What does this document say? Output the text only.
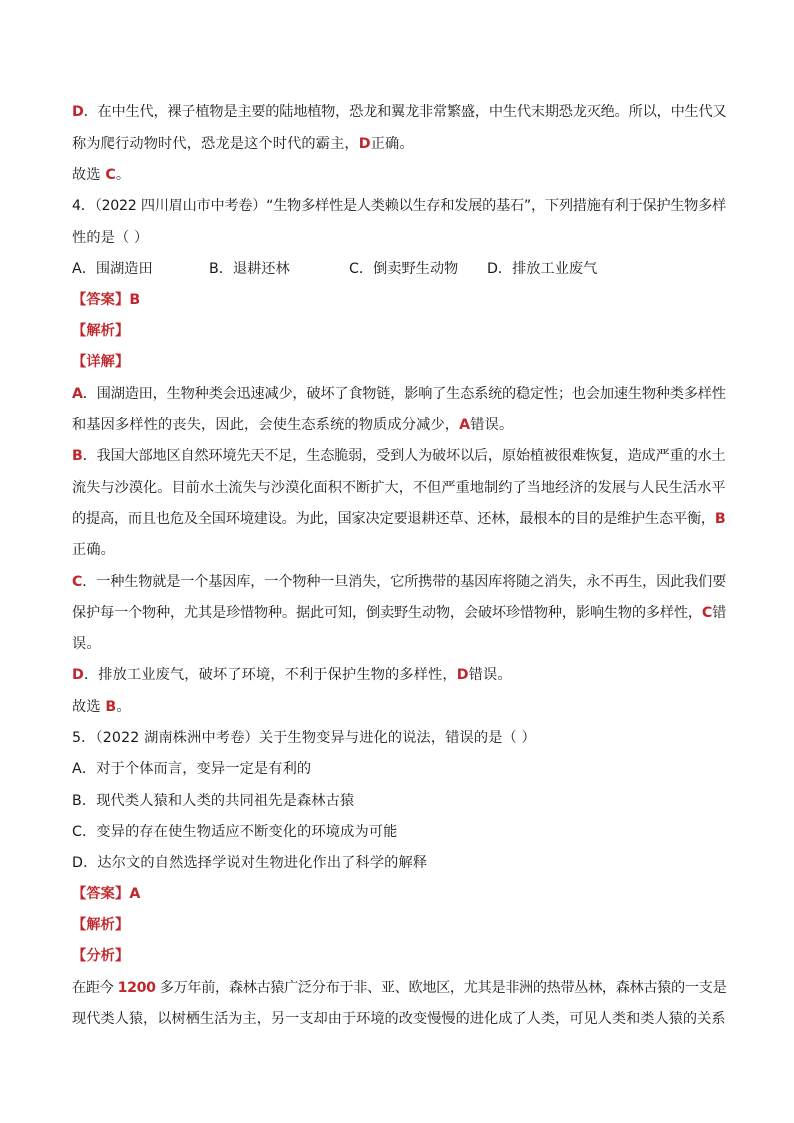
D．在中生代，裸子植物是主要的陆地植物，恐龙和翼龙非常繁盛，中生代末期恐龙灭绝。所以，中生代又
称为爬行动物时代，恐龙是这个时代的霸主，D正确。
故选 C。
4．（2022 四川眉山市中考卷）“生物多样性是人类赖以生存和发展的基石”，下列措施有利于保护生物多样
性的是（ ）
A．围湖造田	B．退耕还林	C．倒卖野生动物 D．排放工业废气
【答案】B
【解析】
【详解】
A．围湖造田，生物种类会迅速减少，破坏了食物链，影响了生态系统的稳定性；也会加速生物种类多样性
和基因多样性的丧失，因此，会使生态系统的物质成分减少，A错误。
B．我国大部地区自然环境先天不足，生态脆弱，受到人为破坏以后，原始植被很难恢复，造成严重的水土
流失与沙漠化。目前水土流失与沙漠化面积不断扩大，不但严重地制约了当地经济的发展与人民生活水平
的提高，而且也危及全国环境建设。为此，国家决定要退耕还草、还林，最根本的目的是维护生态平衡，B
正确。
C．一种生物就是一个基因库，一个物种一旦消失，它所携带的基因库将随之消失，永不再生，因此我们要
保护每一个物种，尤其是珍惜物种。据此可知，倒卖野生动物，会破坏珍惜物种，影响生物的多样性，C错
误。
D．排放工业废气，破坏了环境，不利于保护生物的多样性，D错误。
故选 B。
5．（2022 湖南株洲中考卷）关于生物变异与进化的说法，错误的是（ ）
A．对于个体而言，变异一定是有利的
B．现代类人猿和人类的共同祖先是森林古猿
C．变异的存在使生物适应不断变化的环境成为可能
D．达尔文的自然选择学说对生物进化作出了科学的解释
【答案】A
【解析】
【分析】
在距今 1200 多万年前，森林古猿广泛分布于非、亚、欧地区，尤其是非洲的热带丛林，森林古猿的一支是
现代类人猿，以树栖生活为主，另一支却由于环境的改变慢慢的进化成了人类，可见人类和类人猿的关系
